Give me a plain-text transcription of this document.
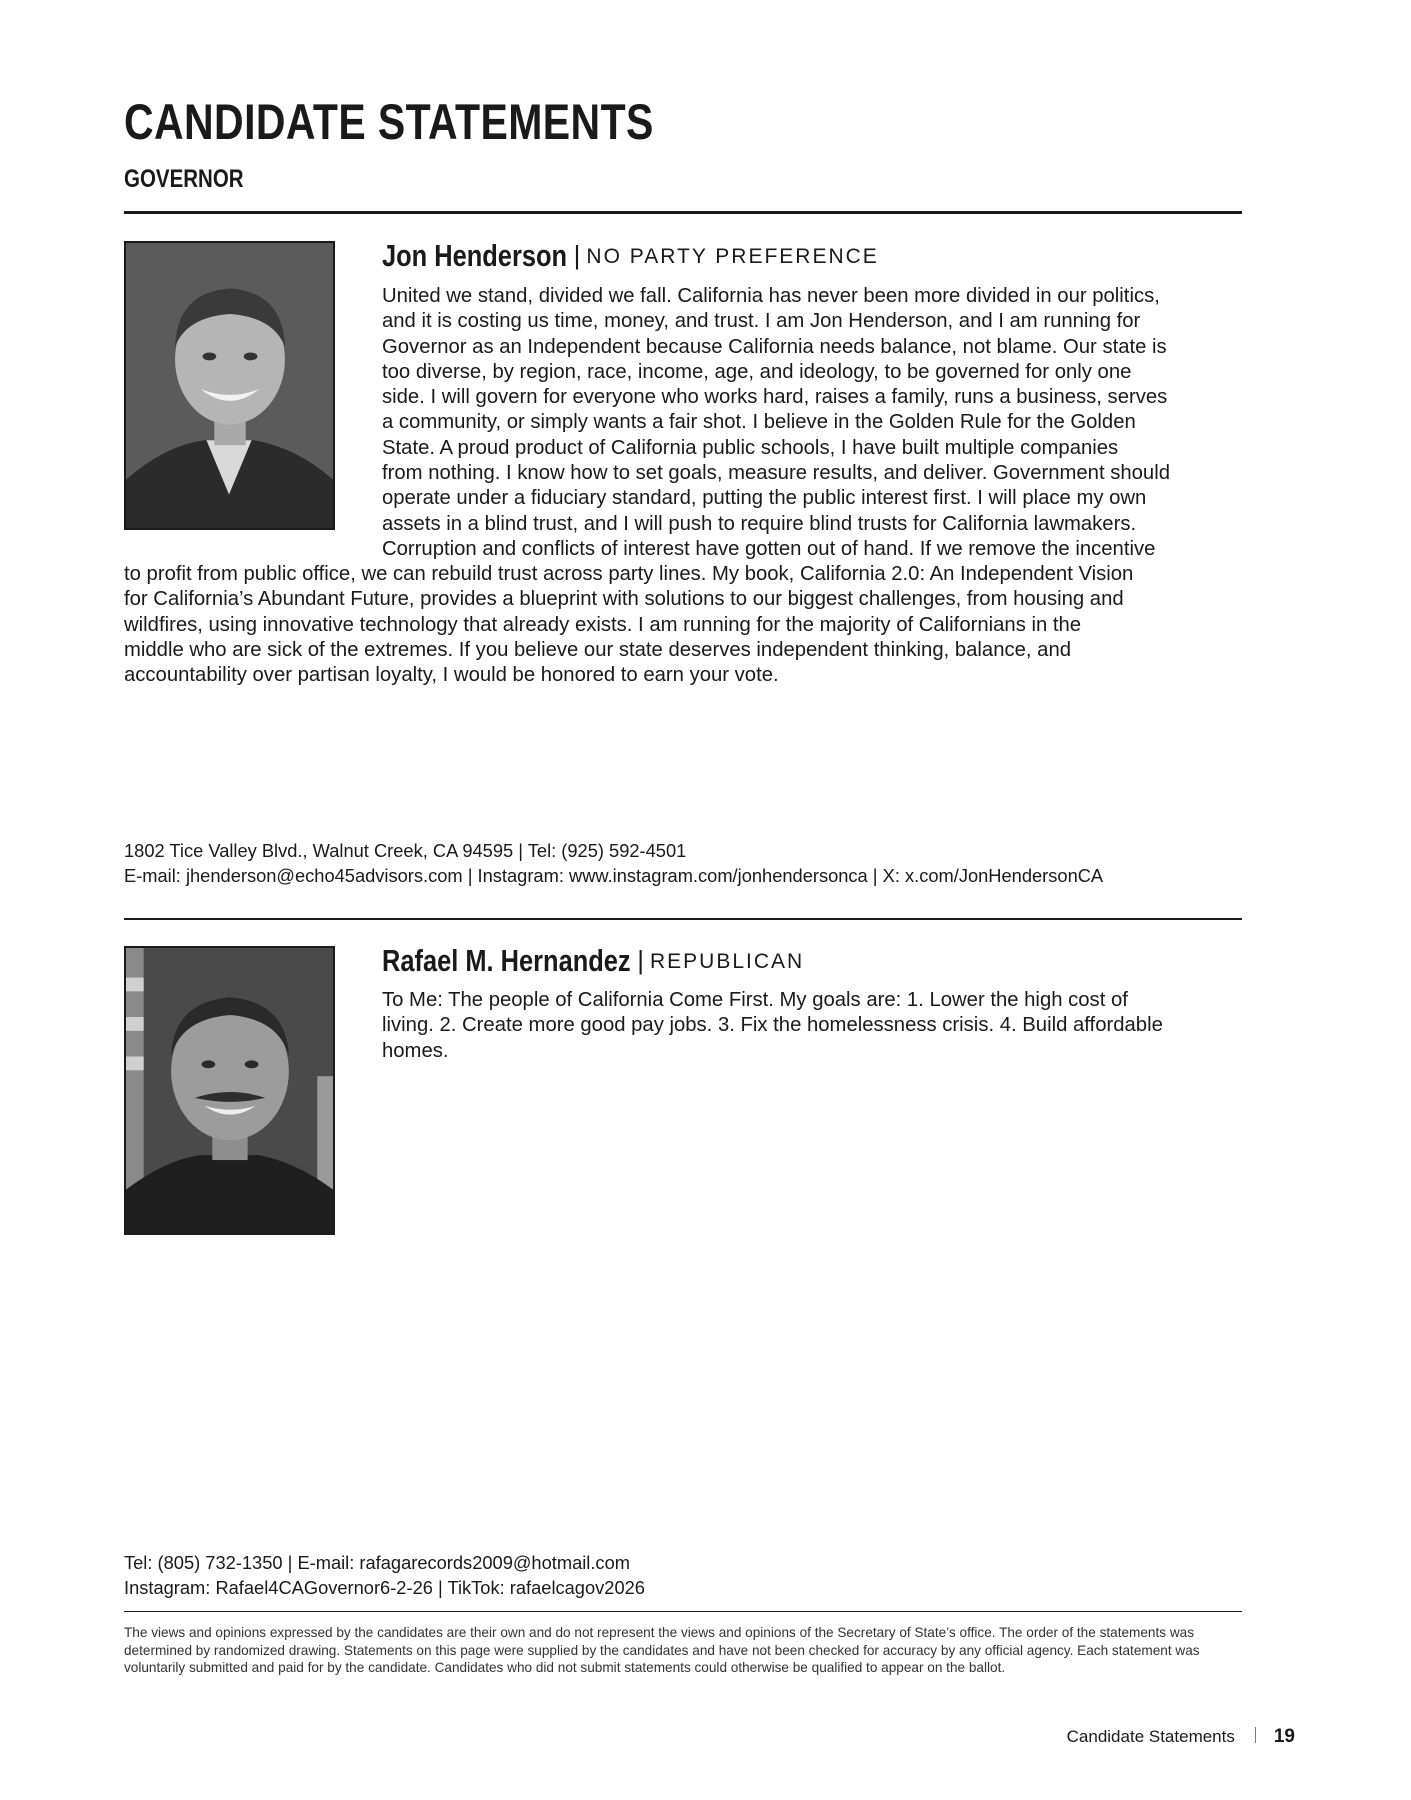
CANDIDATE STATEMENTS
GOVERNOR
Jon Henderson | NO PARTY PREFERENCE
United we stand, divided we fall. California has never been more divided in our politics,
and it is costing us time, money, and trust. I am Jon Henderson, and I am running for
Governor as an Independent because California needs balance, not blame. Our state is
too diverse, by region, race, income, age, and ideology, to be governed for only one
side. I will govern for everyone who works hard, raises a family, runs a business, serves
a community, or simply wants a fair shot. I believe in the Golden Rule for the Golden
State. A proud product of California public schools, I have built multiple companies
from nothing. I know how to set goals, measure results, and deliver. Government should
operate under a fiduciary standard, putting the public interest first. I will place my own
assets in a blind trust, and I will push to require blind trusts for California lawmakers.
Corruption and conflicts of interest have gotten out of hand. If we remove the incentive
to profit from public office, we can rebuild trust across party lines. My book, California 2.0: An Independent Vision
for California’s Abundant Future, provides a blueprint with solutions to our biggest challenges, from housing and
wildfires, using innovative technology that already exists. I am running for the majority of Californians in the
middle who are sick of the extremes. If you believe our state deserves independent thinking, balance, and
accountability over partisan loyalty, I would be honored to earn your vote.
1802 Tice Valley Blvd., Walnut Creek, CA 94595 | Tel: (925) 592-4501
E-mail: jhenderson@echo45advisors.com | Instagram: www.instagram.com/jonhendersonca | X: x.com/JonHendersonCA
Rafael M. Hernandez | REPUBLICAN
To Me: The people of California Come First. My goals are: 1. Lower the high cost of
living. 2. Create more good pay jobs. 3. Fix the homelessness crisis. 4. Build affordable
homes.
Tel: (805) 732-1350 | E-mail: rafagarecords2009@hotmail.com
Instagram: Rafael4CAGovernor6-2-26 | TikTok: rafaelcagov2026

The views and opinions expressed by the candidates are their own and do not represent the views and opinions of the Secretary of State’s office. The order of the statements was determined by randomized drawing. Statements on this page were supplied by the candidates and have not been checked for accuracy by any official agency. Each statement was voluntarily submitted and paid for by the candidate. Candidates who did not submit statements could otherwise be qualified to appear on the ballot.

Candidate Statements 19
